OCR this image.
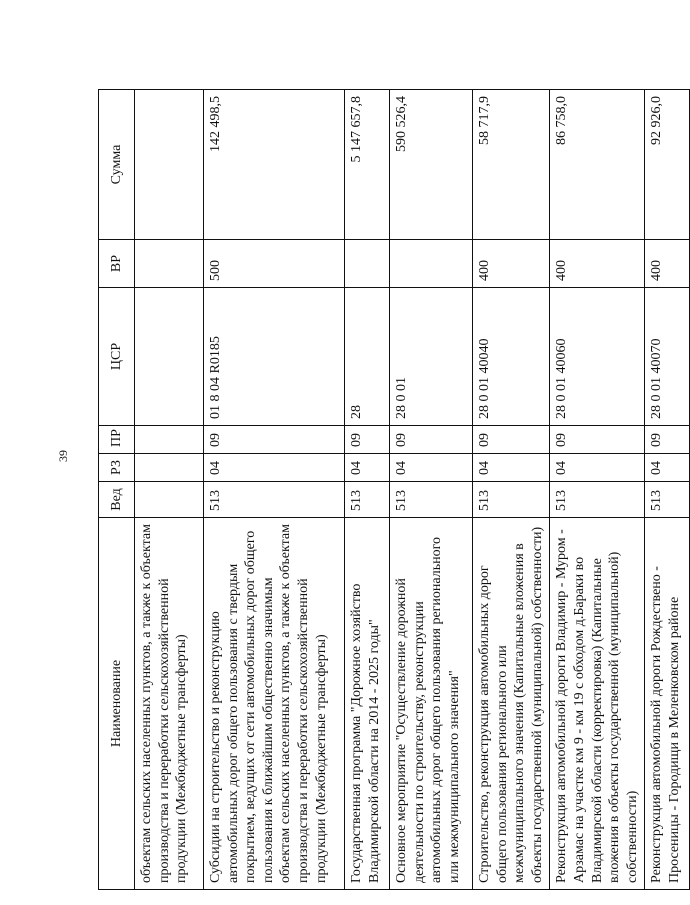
39
Наименование	Вед	РЗ	ПР	ЦСР	ВР	Сумма
объектам сельских населенных пунктов, а также к объектам производства и переработки сельскохозяйственной продукции (Межбюджетные трансферты)						
Субсидии на строительство и реконструкцию автомобильных дорог общего пользования с твердым покрытием, ведущих от сети автомобильных дорог общего пользования к ближайшим общественно значимым объектам сельских населенных пунктов, а также к объектам производства и переработки сельскохозяйственной продукции (Межбюджетные трансферты)	513	04	09	01 8 04 R0185	500	142 498,5
Государственная программа "Дорожное хозяйство Владимирской области на 2014 - 2025 годы"	513	04	09	28		5 147 657,8
Основное мероприятие "Осуществление дорожной деятельности по строительству, реконструкции автомобильных дорог общего пользования регионального или межмуниципального значения"	513	04	09	28 0 01		590 526,4
Строительство, реконструкция автомобильных дорог общего пользования регионального или межмуниципального значения (Капитальные вложения в объекты государственной (муниципальной) собственности)	513	04	09	28 0 01 40040	400	58 717,9
Реконструкция автомобильной дороги Владимир - Муром - Арзамас на участке км 9 - км 19 с обходом д.Бараки во Владимирской области (корректировка) (Капитальные вложения в объекты государственной (муниципальной) собственности)	513	04	09	28 0 01 40060	400	86 758,0
Реконструкция автомобильной дороги Рождествено - Просеницы - Городищи в Меленковском районе	513	04	09	28 0 01 40070	400	92 926,0
